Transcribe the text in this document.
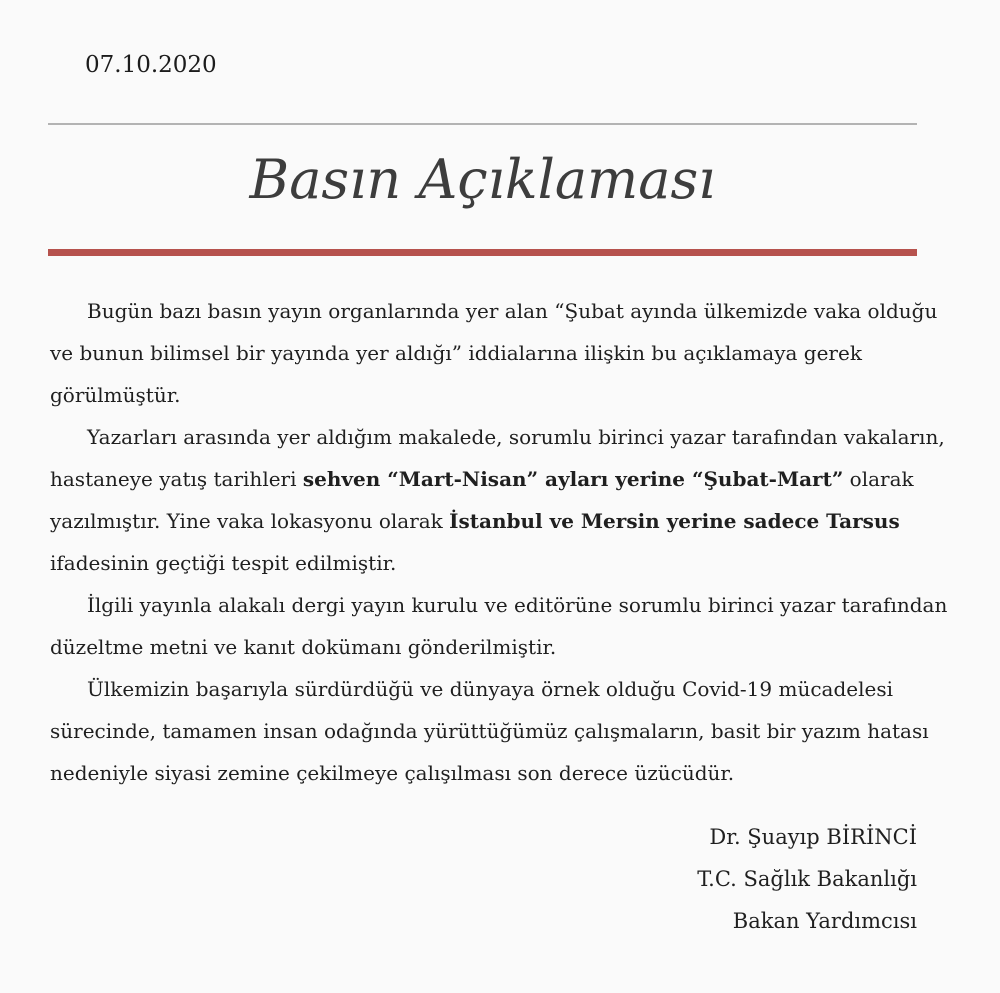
07.10.2020
Basın Açıklaması
Bugün bazı basın yayın organlarında yer alan “Şubat ayında ülkemizde vaka olduğu
ve bunun bilimsel bir yayında yer aldığı” iddialarına ilişkin bu açıklamaya gerek
görülmüştür.
Yazarları arasında yer aldığım makalede, sorumlu birinci yazar tarafından vakaların,
hastaneye yatış tarihleri sehven “Mart-Nisan” ayları yerine “Şubat-Mart” olarak
yazılmıştır. Yine vaka lokasyonu olarak İstanbul ve Mersin yerine sadece Tarsus
ifadesinin geçtiği tespit edilmiştir.
İlgili yayınla alakalı dergi yayın kurulu ve editörüne sorumlu birinci yazar tarafından
düzeltme metni ve kanıt dokümanı gönderilmiştir.
Ülkemizin başarıyla sürdürdüğü ve dünyaya örnek olduğu Covid-19 mücadelesi
sürecinde, tamamen insan odağında yürüttüğümüz çalışmaların, basit bir yazım hatası
nedeniyle siyasi zemine çekilmeye çalışılması son derece üzücüdür.
Dr. Şuayıp BİRİNCİ
T.C. Sağlık Bakanlığı
Bakan Yardımcısı
